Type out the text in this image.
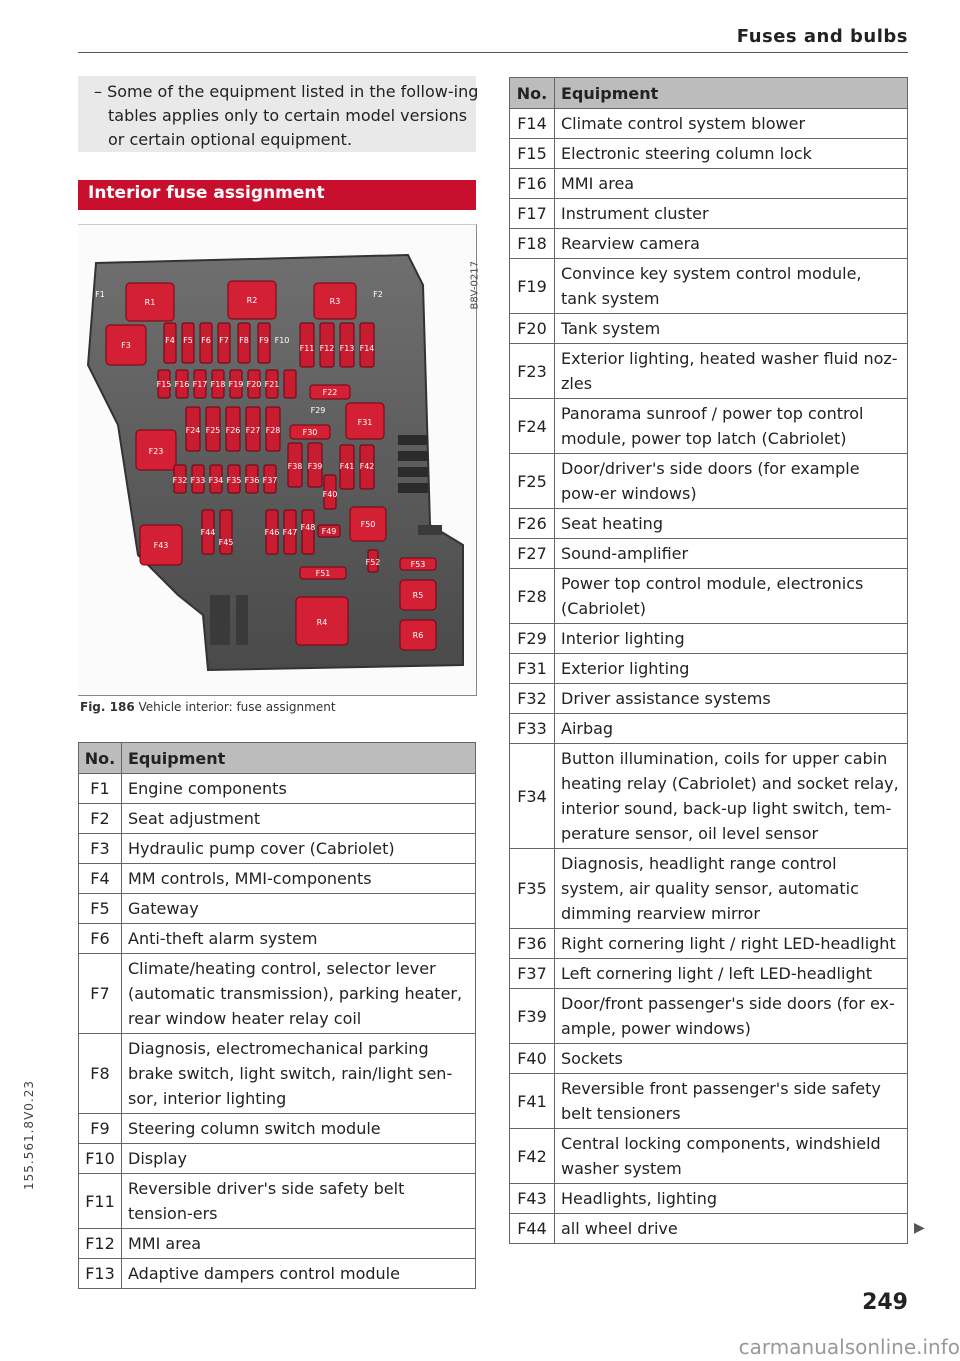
Fuses and bulbs
– Some of the equipment listed in the follow-ing tables applies only to certain model versions or certain optional equipment.
Interior fuse assignment
B8V-0217
R1	R2	R3
R4
R5
R6
F1	F2
F3
F4 F5 F6 F7 F8 F9 F10
F11 F12 F13 F14
F15 F16 F17 F18 F19 F20 F21
F22
F23
F24 F25 F26 F27 F28
F29
F30
F31
F32 F33 F34 F35 F36 F37
F38 F39
F40
F41 F42
F43
F44
F45
F46 F47
F48 F49
F50
F51
F52	F53
Fig. 186 Vehicle interior: fuse assignment
No.	Equipment
F1	Engine components
F2	Seat adjustment
F3	Hydraulic pump cover (Cabriolet)
F4	MM controls, MMI-components
F5	Gateway
F6	Anti-theft alarm system
F7	Climate/heating control, selector lever (automatic transmission), parking heater, rear window heater relay coil
F8	Diagnosis, electromechanical parking brake switch, light switch, rain/light sen-sor, interior lighting
F9	Steering column switch module
F10	Display
F11	Reversible driver's side safety belt tension-ers
F12	MMI area
F13	Adaptive dampers control module
No.	Equipment
F14	Climate control system blower
F15	Electronic steering column lock
F16	MMI area
F17	Instrument cluster
F18	Rearview camera
F19	Convince key system control module, tank system
F20	Tank system
F23	Exterior lighting, heated washer fluid noz-zles
F24	Panorama sunroof / power top control module, power top latch (Cabriolet)
F25	Door/driver's side doors (for example pow-er windows)
F26	Seat heating
F27	Sound-amplifier
F28	Power top control module, electronics (Cabriolet)
F29	Interior lighting
F31	Exterior lighting
F32	Driver assistance systems
F33	Airbag
F34	Button illumination, coils for upper cabin heating relay (Cabriolet) and socket relay, interior sound, back-up light switch, tem-perature sensor, oil level sensor
F35	Diagnosis, headlight range control system, air quality sensor, automatic dimming rearview mirror
F36	Right cornering light / right LED-headlight
F37	Left cornering light / left LED-headlight
F39	Door/front passenger's side doors (for ex-ample, power windows)
F40	Sockets
F41	Reversible front passenger's side safety belt tensioners
F42	Central locking components, windshield washer system
F43	Headlights, lighting
F44	all wheel drive	▶
249
155.561.8V0.23
carmanualsonline.info
